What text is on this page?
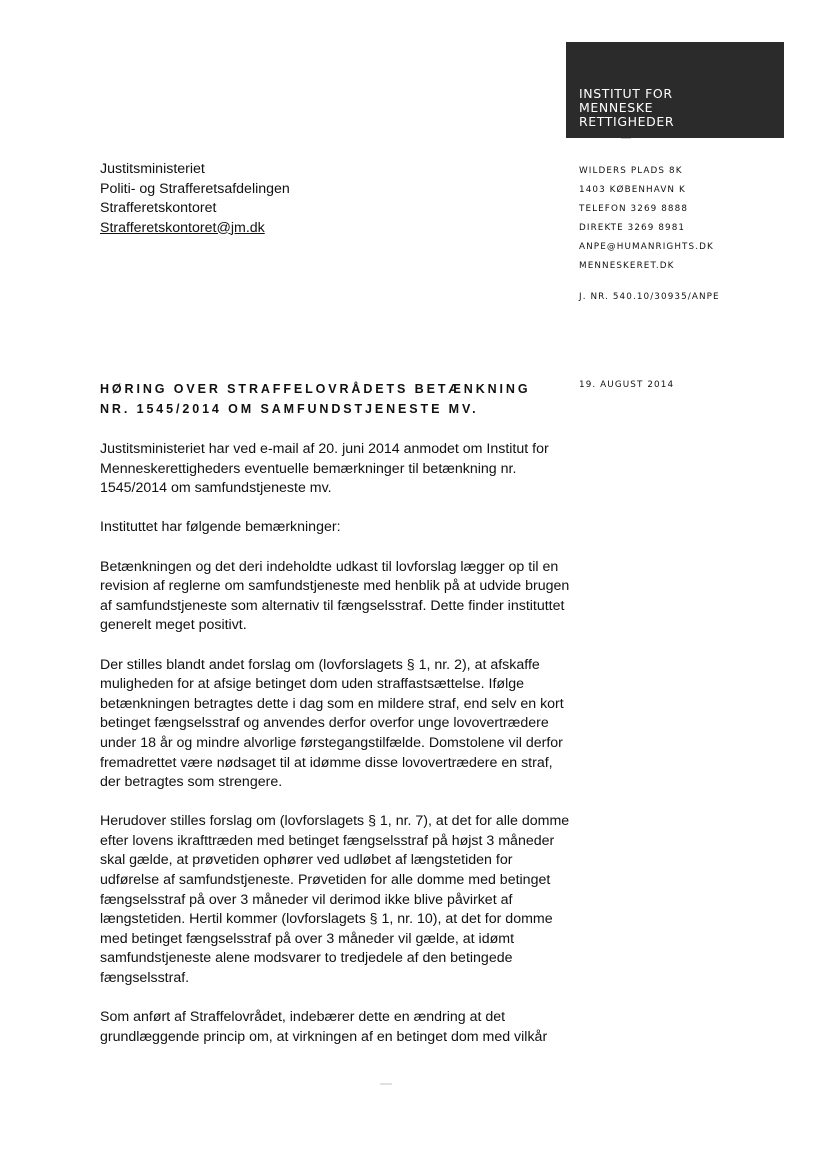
INSTITUT FOR
MENNESKE
RETTIGHEDER
Justitsministeriet
Politi- og Strafferetsafdelingen
Strafferetskontoret
Strafferetskontoret@jm.dk
WILDERS PLADS 8K
1403 KØBENHAVN K
TELEFON 3269 8888
DIREKTE 3269 8981
ANPE@HUMANRIGHTS.DK
MENNESKERET.DK
J. NR. 540.10/30935/ANPE
HØRING OVER STRAFFELOVRÅDETS BETÆNKNING
NR. 1545/2014 OM SAMFUNDSTJENESTE MV.
19. AUGUST 2014

Justitsministeriet har ved e-mail af 20. juni 2014 anmodet om Institut for Menneskerettigheders eventuelle bemærkninger til betænkning nr. 1545/2014 om samfundstjeneste mv.

Instituttet har følgende bemærkninger:

Betænkningen og det deri indeholdte udkast til lovforslag lægger op til en revision af reglerne om samfundstjeneste med henblik på at udvide brugen af samfundstjeneste som alternativ til fængselsstraf. Dette finder instituttet generelt meget positivt.

Der stilles blandt andet forslag om (lovforslagets § 1, nr. 2), at afskaffe muligheden for at afsige betinget dom uden straffastsættelse. Ifølge betænkningen betragtes dette i dag som en mildere straf, end selv en kort betinget fængselsstraf og anvendes derfor overfor unge lovovertrædere under 18 år og mindre alvorlige førstegangstilfælde. Domstolene vil derfor fremadrettet være nødsaget til at idømme disse lovovertrædere en straf, der betragtes som strengere.

Herudover stilles forslag om (lovforslagets § 1, nr. 7), at det for alle domme efter lovens ikrafttræden med betinget fængselsstraf på højst 3 måneder skal gælde, at prøvetiden ophører ved udløbet af længstetiden for udførelse af samfundstjeneste. Prøvetiden for alle domme med betinget fængselsstraf på over 3 måneder vil derimod ikke blive påvirket af længstetiden. Hertil kommer (lovforslagets § 1, nr. 10), at det for domme med betinget fængselsstraf på over 3 måneder vil gælde, at idømt samfundstjeneste alene modsvarer to tredjedele af den betingede fængselsstraf.

Som anført af Straffelovrådet, indebærer dette en ændring at det grundlæggende princip om, at virkningen af en betinget dom med vilkår
